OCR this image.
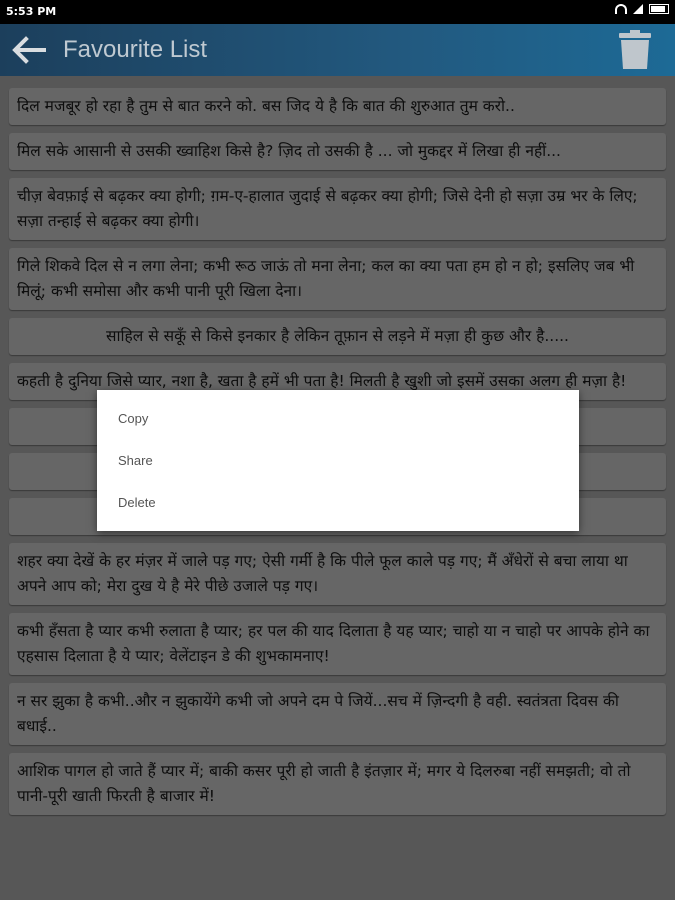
5:53 PM
Favourite List
दिल मजबूर हो रहा है तुम से बात करने को. बस जिद ये है कि बात की शुरुआत तुम करो..
मिल सके आसानी से उसकी ख्वाहिश किसे है? ज़िद तो उसकी है ... जो मुकद्दर में लिखा ही नहीं...
चीज़ बेवफ़ाई से बढ़कर क्या होगी; ग़म-ए-हालात जुदाई से बढ़कर क्या होगी; जिसे देनी हो सज़ा उम्र भर के लिए; सज़ा तन्हाई से बढ़कर क्या होगी।
गिले शिकवे दिल से न लगा लेना; कभी रूठ जाऊं तो मना लेना; कल का क्या पता हम हो न हो; इसलिए जब भी मिलूं; कभी समोसा और कभी पानी पूरी खिला देना।
साहिल से सकूँ से किसे इनकार है लेकिन तूफ़ान से लड़ने में मज़ा ही कुछ और है.....
कहती है दुनिया जिसे प्यार, नशा है, खता है हमें भी पता है! मिलती है खुशी जो इसमें उसका अलग ही मज़ा है!
शहर क्या देखें के हर मंज़र में जाले पड़ गए; ऐसी गर्मी है कि पीले फूल काले पड़ गए; मैं अँधेरों से बचा लाया था अपने आप को; मेरा दुख ये है मेरे पीछे उजाले पड़ गए।
कभी हँसता है प्यार कभी रुलाता है प्यार; हर पल की याद दिलाता है यह प्यार; चाहो या न चाहो पर आपके होने का एहसास दिलाता है ये प्यार; वेलेंटाइन डे की शुभकामनाए!
न सर झुका है कभी..और न झुकायेंगे कभी जो अपने दम पे जियें...सच में ज़िन्दगी है वही. स्वतंत्रता दिवस की बधाई..
आशिक पागल हो जाते हैं प्यार में; बाकी कसर पूरी हो जाती है इंतज़ार में; मगर ये दिलरुबा नहीं समझती; वो तो पानी-पूरी खाती फिरती है बाजार में!
Copy
Share
Delete
